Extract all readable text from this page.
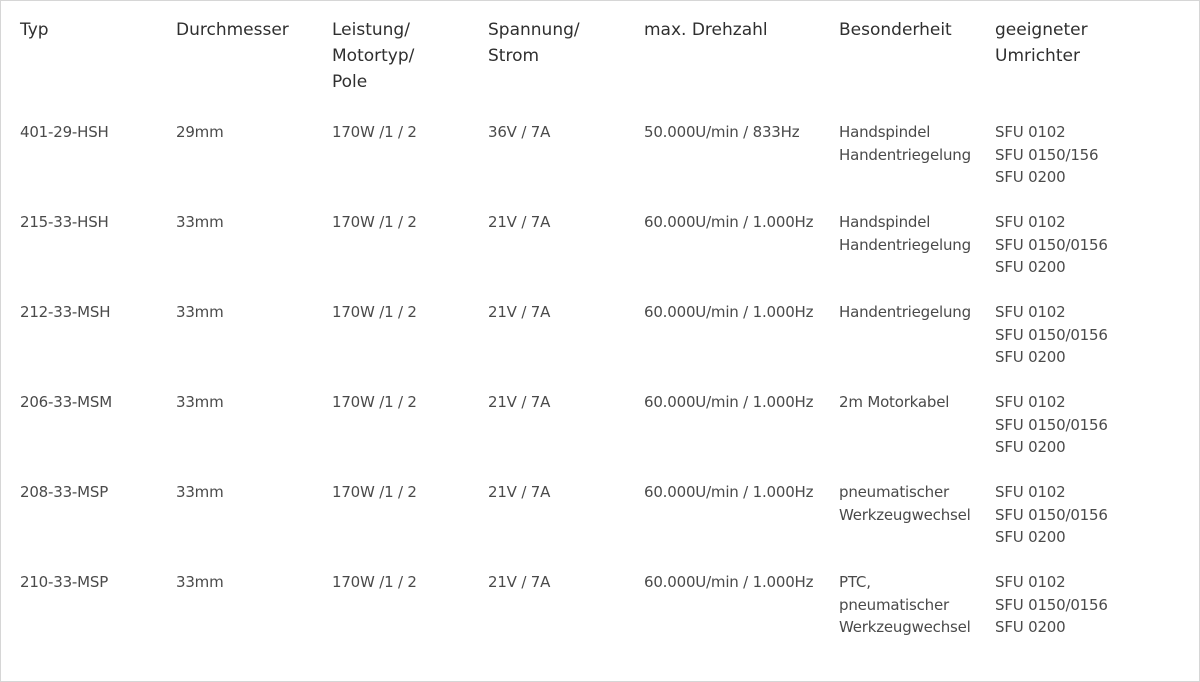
Typ	Durchmesser	Leistung/
Motortyp/
Pole	Spannung/
Strom	max. Drehzahl	Besonderheit	geeigneter
Umrichter

401-29-HSH	29mm	170W /1 / 2	36V / 7A	50.000U/min / 833Hz	Handspindel
Handentriegelung	SFU 0102
SFU 0150/156
SFU 0200

215-33-HSH	33mm	170W /1 / 2	21V / 7A	60.000U/min / 1.000Hz	Handspindel
Handentriegelung	SFU 0102
SFU 0150/0156
SFU 0200

212-33-MSH	33mm	170W /1 / 2	21V / 7A	60.000U/min / 1.000Hz	Handentriegelung	SFU 0102
SFU 0150/0156
SFU 0200

206-33-MSM	33mm	170W /1 / 2	21V / 7A	60.000U/min / 1.000Hz	2m Motorkabel	SFU 0102
SFU 0150/0156
SFU 0200

208-33-MSP	33mm	170W /1 / 2	21V / 7A	60.000U/min / 1.000Hz	pneumatischer
Werkzeugwechsel	SFU 0102
SFU 0150/0156
SFU 0200

210-33-MSP	33mm	170W /1 / 2	21V / 7A	60.000U/min / 1.000Hz	PTC,
pneumatischer
Werkzeugwechsel	SFU 0102
SFU 0150/0156
SFU 0200
